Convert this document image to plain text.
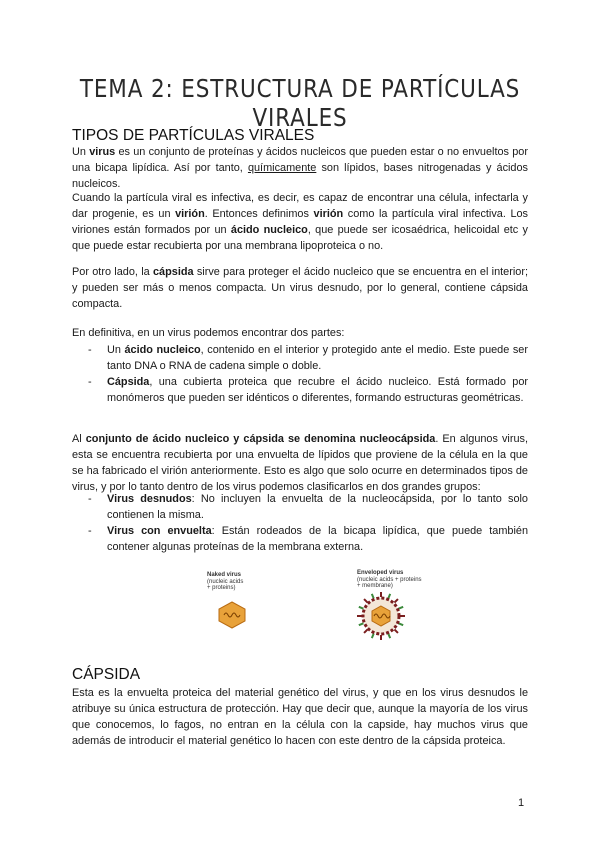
TEMA 2: ESTRUCTURA DE PARTÍCULAS VIRALES
TIPOS DE PARTÍCULAS VIRALES

Un virus es un conjunto de proteínas y ácidos nucleicos que pueden estar o no envueltos por una bicapa lipídica. Así por tanto, químicamente son lípidos, bases nitrogenadas y ácidos nucleicos.

Cuando la partícula viral es infectiva, es decir, es capaz de encontrar una célula, infectarla y dar progenie, es un virión. Entonces definimos virión como la partícula viral infectiva. Los viriones están formados por un ácido nucleico, que puede ser icosaédrica, helicoidal etc y que puede estar recubierta por una membrana lipoproteica o no.

Por otro lado, la cápsida sirve para proteger el ácido nucleico que se encuentra en el interior; y pueden ser más o menos compacta. Un virus desnudo, por lo general, contiene cápsida compacta.

En definitiva, en un virus podemos encontrar dos partes:

- Un ácido nucleico, contenido en el interior y protegido ante el medio. Este puede ser tanto DNA o RNA de cadena simple o doble.
- Cápsida, una cubierta proteica que recubre el ácido nucleico. Está formado por monómeros que pueden ser idénticos o diferentes, formando estructuras geométricas.

Al conjunto de ácido nucleico y cápsida se denomina nucleocápsida. En algunos virus, esta se encuentra recubierta por una envuelta de lípidos que proviene de la célula en la que se ha fabricado el virión anteriormente. Esto es algo que solo ocurre en determinados tipos de virus, y por lo tanto dentro de los virus podemos clasificarlos en dos grandes grupos:

- Virus desnudos: No incluyen la envuelta de la nucleocápsida, por lo tanto solo contienen la misma.
- Virus con envuelta: Están rodeados de la bicapa lipídica, que puede también contener algunas proteínas de la membrana externa.
Naked virus
(nucleic acids
+ proteins)
Enveloped virus
(nucleic acids + proteins
+ membrane)
CÁPSIDA

Esta es la envuelta proteica del material genético del virus, y que en los virus desnudos le atribuye su única estructura de protección. Hay que decir que, aunque la mayoría de los virus que conocemos, lo fagos, no entran en la célula con la capside, hay muchos virus que además de introducir el material genético lo hacen con este dentro de la cápsida proteica.

1
